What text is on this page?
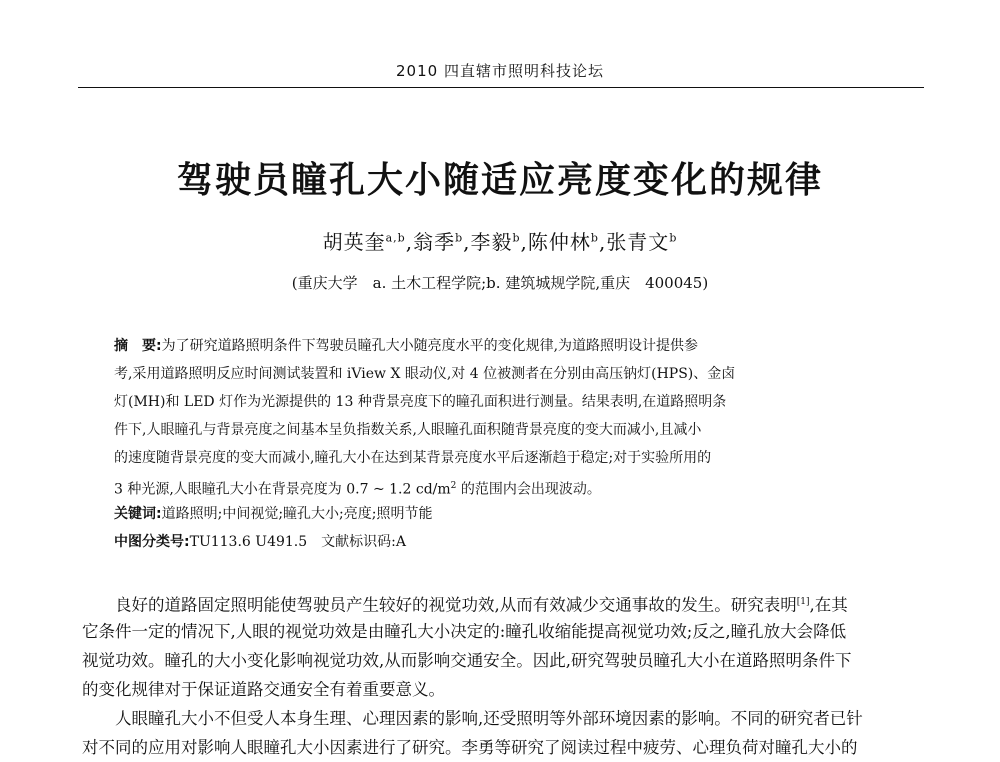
2010 四直辖市照明科技论坛
驾驶员瞳孔大小随适应亮度变化的规律
胡英奎$^{a,b}$,翁季$^b$,李毅$^b$,陈仲林$^b$,张青文$^b$
(重庆大学　a. 土木工程学院;b. 建筑城规学院,重庆　400045)
摘　要:为了研究道路照明条件下驾驶员瞳孔大小随亮度水平的变化规律,为道路照明设计提供参
考,采用道路照明反应时间测试装置和 iView X 眼动仪,对 4 位被测者在分别由高压钠灯(HPS)、金卤
灯(MH)和 LED 灯作为光源提供的 13 种背景亮度下的瞳孔面积进行测量。结果表明,在道路照明条
件下,人眼瞳孔与背景亮度之间基本呈负指数关系,人眼瞳孔面积随背景亮度的变大而减小,且减小
的速度随背景亮度的变大而减小,瞳孔大小在达到某背景亮度水平后逐渐趋于稳定;对于实验所用的
3 种光源,人眼瞳孔大小在背景亮度为 0.7 ~ 1.2 $cd/m^2$ 的范围内会出现波动。
关键词:道路照明;中间视觉;瞳孔大小;亮度;照明节能
中图分类号:TU113.6 U491.5　文献标识码:A
良好的道路固定照明能使驾驶员产生较好的视觉功效,从而有效减少交通事故的发生。研究表明[1],在其
它条件一定的情况下,人眼的视觉功效是由瞳孔大小决定的:瞳孔收缩能提高视觉功效;反之,瞳孔放大会降低
视觉功效。瞳孔的大小变化影响视觉功效,从而影响交通安全。因此,研究驾驶员瞳孔大小在道路照明条件下
的变化规律对于保证道路交通安全有着重要意义。
人眼瞳孔大小不但受人本身生理、心理因素的影响,还受照明等外部环境因素的影响。不同的研究者已针
对不同的应用对影响人眼瞳孔大小因素进行了研究。李勇等研究了阅读过程中疲劳、心理负荷对瞳孔大小的
